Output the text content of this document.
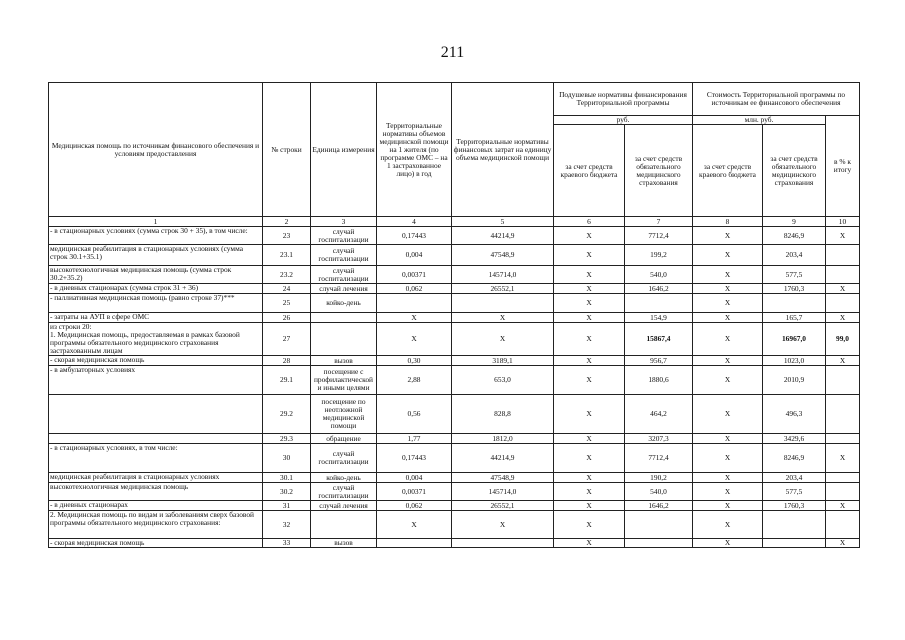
211
Медицинская помощь по источникам финансового обеспечения и условиям предоставления	№ строки	Единица измерения	Территориальные нормативы объемов медицинской помощи на 1 жителя (по программе ОМС – на 1 застрахованное лицо) в год	Территориальные нормативы финансовых затрат на единицу объема медицинской помощи	Подушевые нормативы финансирования Территориальной программы		Стоимость Территориальной программы по источникам ее финансового обеспечения		
					руб.		млн. руб.		в % к итогу
					за счет средств краевого бюджета	за счет средств обязательного медицинского страхования	за счет средств краевого бюджета	за счет средств обязательного медицинского страхования	
1	2	3	4	5	6	7	8	9	10
- в стационарных условиях (сумма строк 30 + 35), в том числе:	23	случай госпитализации	0,17443	44214,9	X	7712,4	X	8246,9	X
медицинская реабилитация в стационарных условиях (сумма строк 30.1+35.1)	23.1	случай госпитализации	0,004	47548,9	X	199,2	X	203,4	
высокотехнологичная медицинская помощь (сумма строк 30.2+35.2)	23.2	случай госпитализации	0,00371	145714,0	X	540,0	X	577,5	
- в дневных стационарах (сумма строк 31 + 36)	24	случай лечения	0,062	26552,1	X	1646,2	X	1760,3	X
- паллиативная медицинская помощь (равно строке 37)***	25	койко-день			X		X		
- затраты на АУП в сфере ОМС	26		X	X	X	154,9	X	165,7	X
из строки 20:
1. Медицинская помощь, предоставляемая в рамках базовой программы обязательного медицинского страхования застрахованным лицам	27		X	X	X	15867,4	X	16967,0	99,0
- скорая медицинская помощь	28	вызов	0,30	3189,1	X	956,7	X	1023,0	X
- в амбулаторных условиях	29.1	посещение с профилактической и иными целями	2,88	653,0	X	1880,6	X	2010,9	
	29.2	посещение по неотложной медицинской помощи	0,56	828,8	X	464,2	X	496,3	
	29.3	обращение	1,77	1812,0	X	3207,3	X	3429,6	
- в стационарных условиях, в том числе:	30	случай госпитализации	0,17443	44214,9	X	7712,4	X	8246,9	X
медицинская реабилитация в стационарных условиях	30.1	койко-день	0,004	47548,9	X	190,2	X	203,4	
высокотехнологичная медицинская помощь	30.2	случай госпитализации	0,00371	145714,0	X	540,0	X	577,5	
- в дневных стационарах	31	случай лечения	0,062	26552,1	X	1646,2	X	1760,3	X
2. Медицинская помощь по видам и заболеваниям сверх базовой программы обязательного медицинского страхования:	32		X	X	X		X		
- скорая медицинская помощь	33	вызов			X		X		X
